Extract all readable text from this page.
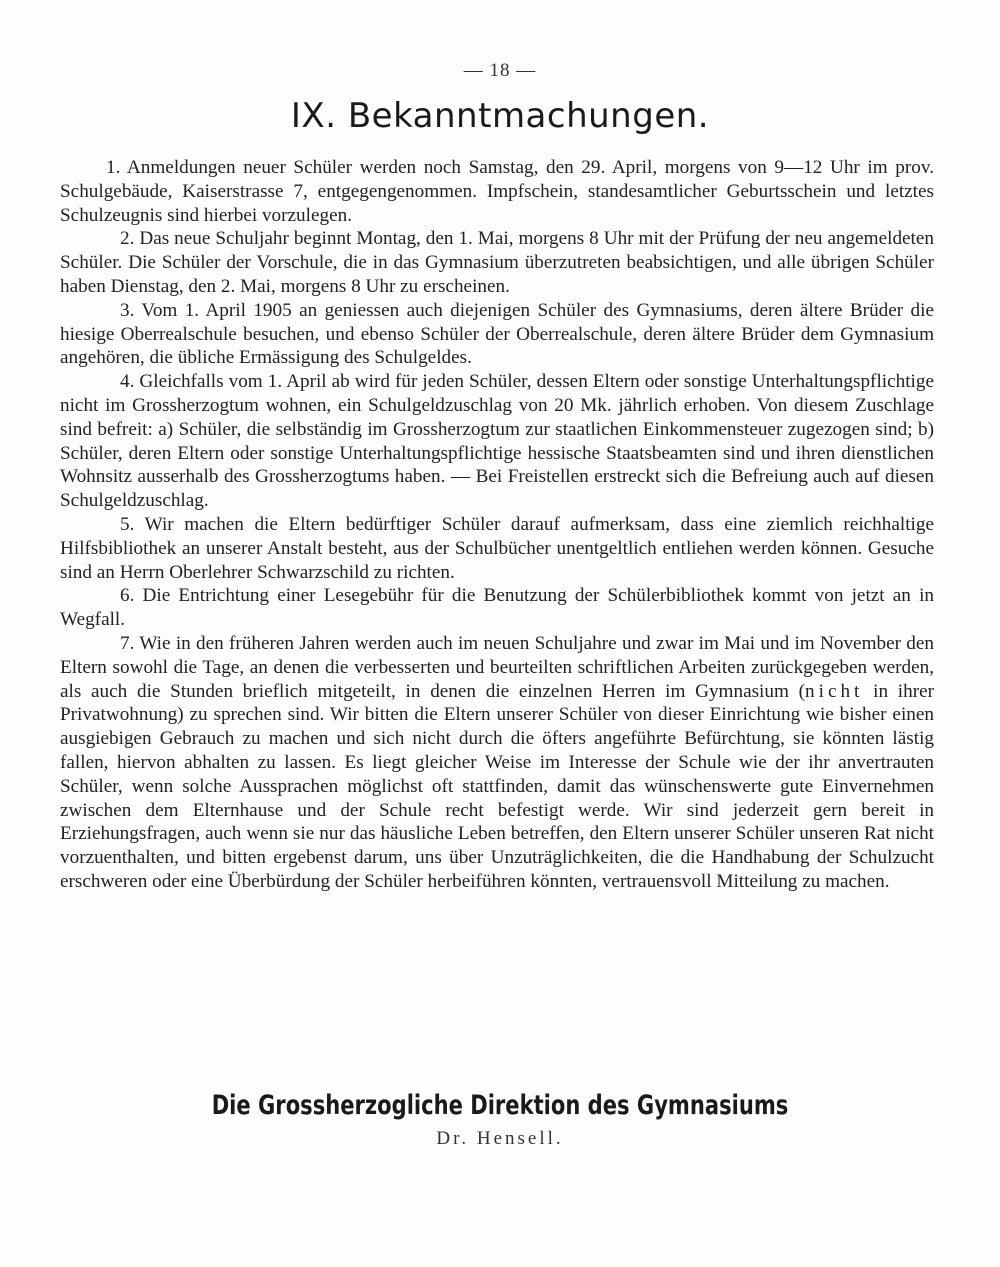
— 18 —
IX. Bekanntmachungen.

1. Anmeldungen neuer Schüler werden noch Samstag, den 29. April, morgens von 9—12 Uhr im prov. Schulgebäude, Kaiserstrasse 7, entgegengenommen. Impfschein, standesamtlicher Geburtsschein und letztes Schulzeugnis sind hierbei vorzulegen.

2. Das neue Schuljahr beginnt Montag, den 1. Mai, morgens 8 Uhr mit der Prüfung der neu angemeldeten Schüler. Die Schüler der Vorschule, die in das Gymnasium überzutreten beabsichtigen, und alle übrigen Schüler haben Dienstag, den 2. Mai, morgens 8 Uhr zu erscheinen.

3. Vom 1. April 1905 an geniessen auch diejenigen Schüler des Gymnasiums, deren ältere Brüder die hiesige Oberrealschule besuchen, und ebenso Schüler der Oberrealschule, deren ältere Brüder dem Gymnasium angehören, die übliche Ermässigung des Schulgeldes.

4. Gleichfalls vom 1. April ab wird für jeden Schüler, dessen Eltern oder sonstige Unterhaltungspflichtige nicht im Grossherzogtum wohnen, ein Schulgeldzuschlag von 20 Mk. jährlich erhoben. Von diesem Zuschlage sind befreit: a) Schüler, die selbständig im Grossherzogtum zur staatlichen Einkommensteuer zugezogen sind; b) Schüler, deren Eltern oder sonstige Unterhaltungspflichtige hessische Staatsbeamten sind und ihren dienstlichen Wohnsitz ausserhalb des Grossherzogtums haben. — Bei Freistellen erstreckt sich die Befreiung auch auf diesen Schulgeldzuschlag.

5. Wir machen die Eltern bedürftiger Schüler darauf aufmerksam, dass eine ziemlich reichhaltige Hilfsbibliothek an unserer Anstalt besteht, aus der Schulbücher unentgeltlich entliehen werden können. Gesuche sind an Herrn Oberlehrer Schwarzschild zu richten.

6. Die Entrichtung einer Lesegebühr für die Benutzung der Schülerbibliothek kommt von jetzt an in Wegfall.

7. Wie in den früheren Jahren werden auch im neuen Schuljahre und zwar im Mai und im November den Eltern sowohl die Tage, an denen die verbesserten und beurteilten schriftlichen Arbeiten zurückgegeben werden, als auch die Stunden brieflich mitgeteilt, in denen die einzelnen Herren im Gymnasium (nicht in ihrer Privatwohnung) zu sprechen sind. Wir bitten die Eltern unserer Schüler von dieser Einrichtung wie bisher einen ausgiebigen Gebrauch zu machen und sich nicht durch die öfters angeführte Befürchtung, sie könnten lästig fallen, hiervon abhalten zu lassen. Es liegt gleicher Weise im Interesse der Schule wie der ihr anvertrauten Schüler, wenn solche Aussprachen möglichst oft stattfinden, damit das wünschenswerte gute Einvernehmen zwischen dem Elternhause und der Schule recht befestigt werde. Wir sind jederzeit gern bereit in Erziehungsfragen, auch wenn sie nur das häusliche Leben betreffen, den Eltern unserer Schüler unseren Rat nicht vorzuenthalten, und bitten ergebenst darum, uns über Unzuträglichkeiten, die die Handhabung der Schulzucht erschweren oder eine Überbürdung der Schüler herbeiführen könnten, vertrauensvoll Mitteilung zu machen.

Die Grossherzogliche Direktion des Gymnasiums
Dr. Hensell.
